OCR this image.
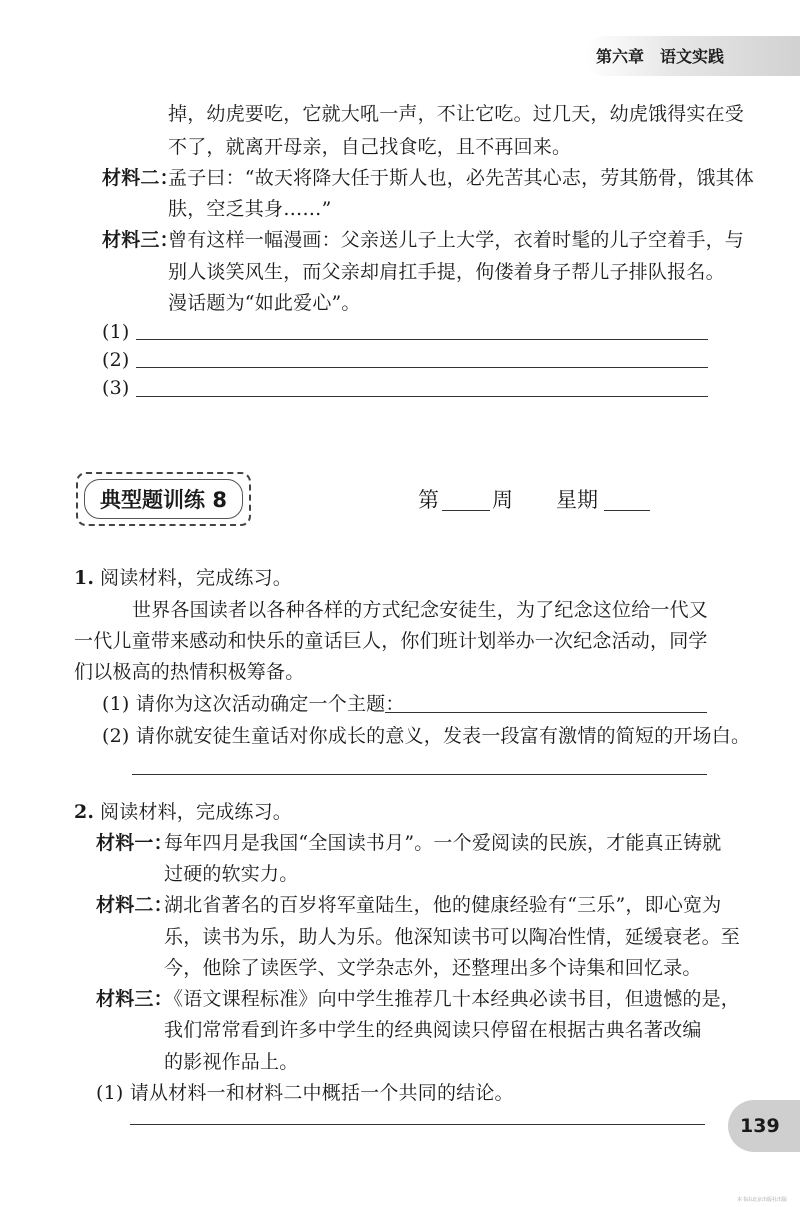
第六章　语文实践
掉，幼虎要吃，它就大吼一声，不让它吃。过几天，幼虎饿得实在受
不了，就离开母亲，自己找食吃，且不再回来。
材料二：
孟子曰：“故天将降大任于斯人也，必先苦其心志，劳其筋骨，饿其体
肤，空乏其身……”
材料三：
曾有这样一幅漫画：父亲送儿子上大学，衣着时髦的儿子空着手，与
别人谈笑风生，而父亲却肩扛手提，佝偻着身子帮儿子排队报名。
漫话题为“如此爱心”。
(1)
(2)
(3)
典型题训练 8	第	周 星期
1. 阅读材料，完成练习。
世界各国读者以各种各样的方式纪念安徒生，为了纪念这位给一代又
一代儿童带来感动和快乐的童话巨人，你们班计划举办一次纪念活动，同学
们以极高的热情积极筹备。
(1) 请你为这次活动确定一个主题：
(2) 请你就安徒生童话对你成长的意义，发表一段富有激情的简短的开场白。
2. 阅读材料，完成练习。
材料一：
每年四月是我国“全国读书月”。一个爱阅读的民族，才能真正铸就
过硬的软实力。
材料二：
湖北省著名的百岁将军童陆生，他的健康经验有“三乐”，即心宽为
乐，读书为乐，助人为乐。他深知读书可以陶冶性情，延缓衰老。至
今，他除了读医学、文学杂志外，还整理出多个诗集和回忆录。
材料三：
《语文课程标准》向中学生推荐几十本经典必读书目，但遗憾的是，
我们常常看到许多中学生的经典阅读只停留在根据古典名著改编
的影视作品上。
(1) 请从材料一和材料二中概括一个共同的结论。
139
本书由北京出版社出版
